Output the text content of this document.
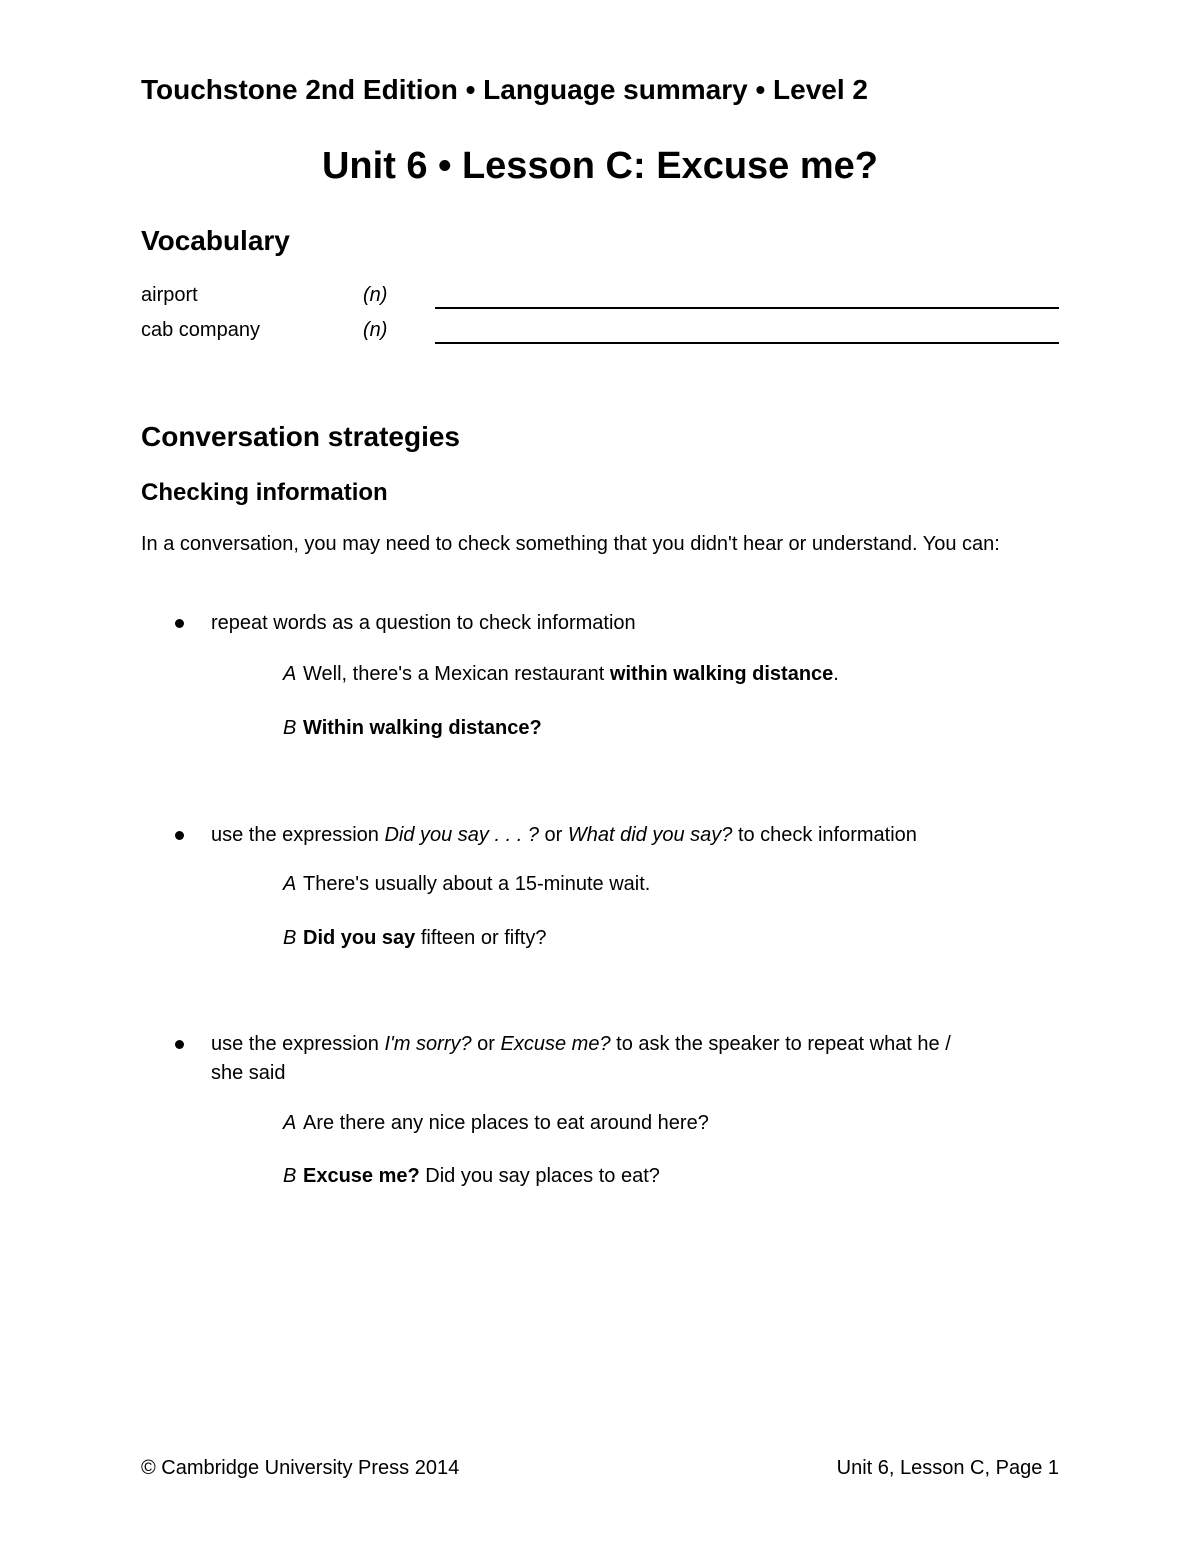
Touchstone 2nd Edition • Language summary • Level 2
Unit 6 • Lesson C: Excuse me?
Vocabulary
airport	(n)
cab company	(n)
Conversation strategies
Checking information
In a conversation, you may need to check something that you didn't hear or understand. You can:
repeat words as a question to check information
A Well, there's a Mexican restaurant within walking distance.
B Within walking distance?
use the expression Did you say . . . ? or What did you say? to check information
A There's usually about a 15-minute wait.
B Did you say fifteen or fifty?
use the expression I'm sorry? or Excuse me? to ask the speaker to repeat what he / she said
A Are there any nice places to eat around here?
B Excuse me? Did you say places to eat?
© Cambridge University Press 2014	Unit 6, Lesson C, Page 1
